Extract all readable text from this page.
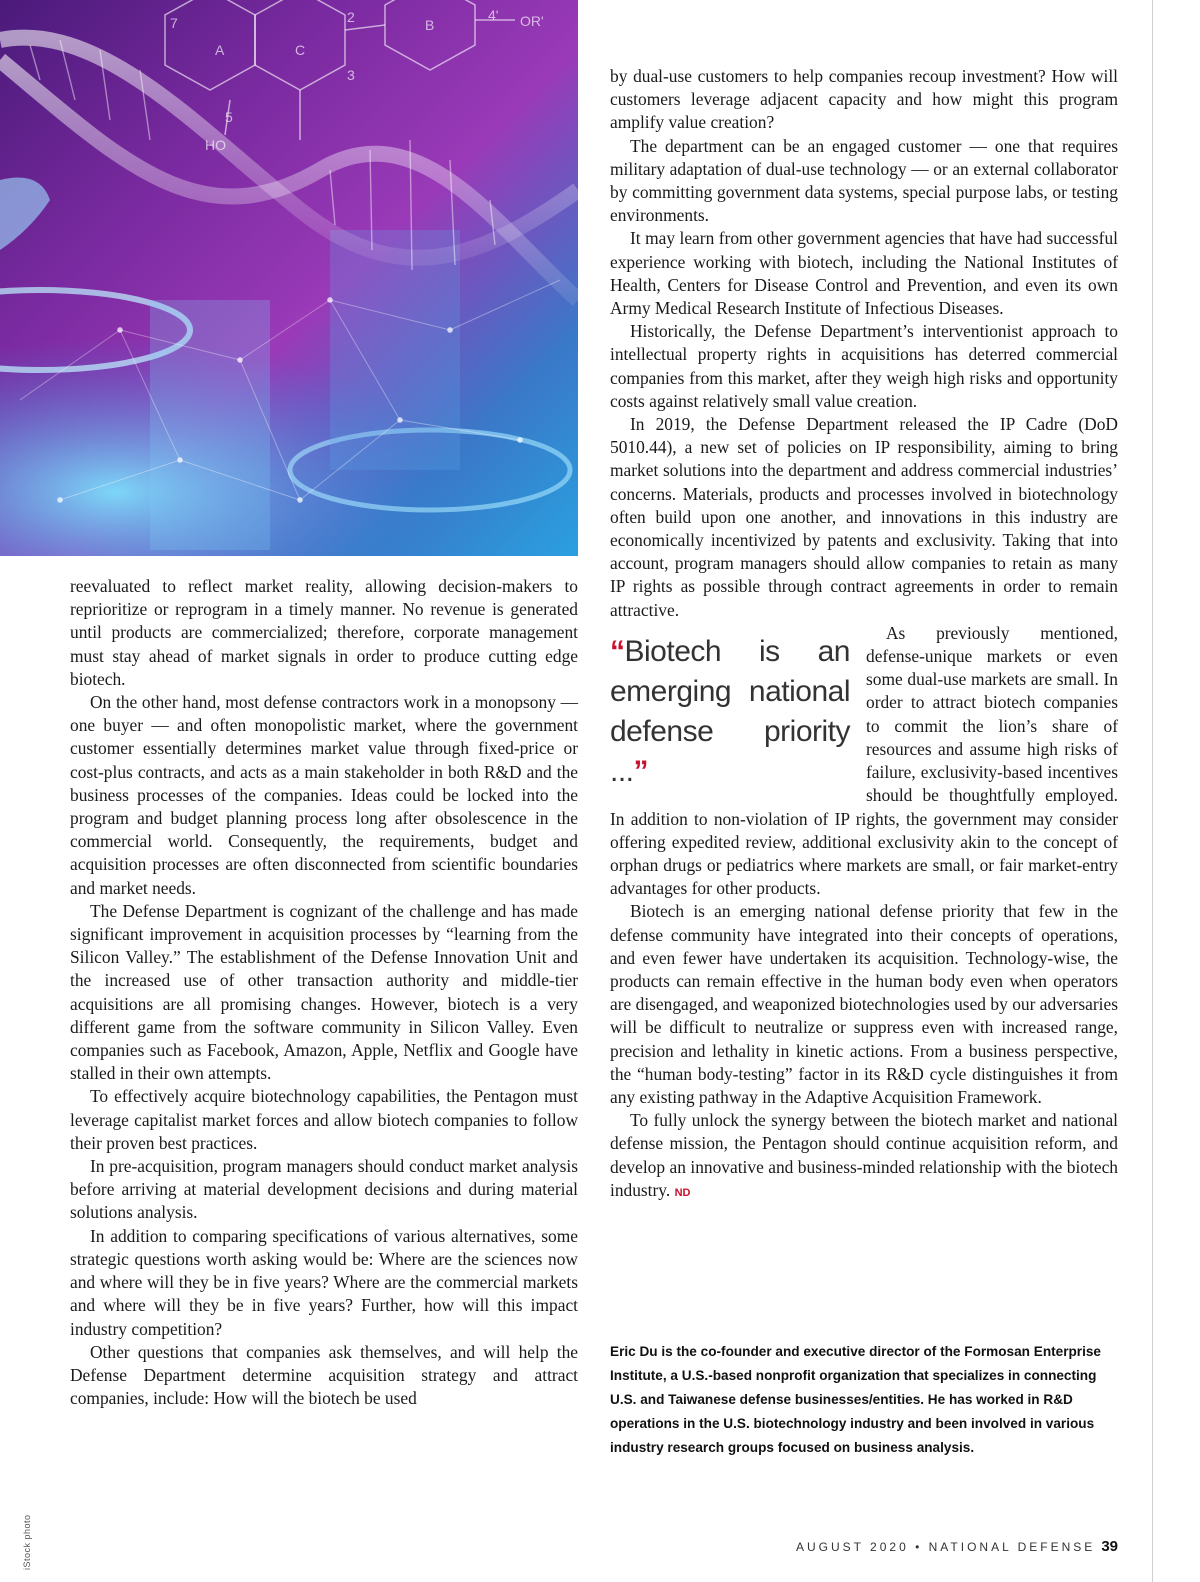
A	C
B
2
3
4'
7
5
HO
OR'
iStock photo

reevaluated to reflect market reality, allowing decision-makers to reprioritize or reprogram in a timely manner. No revenue is generated until products are commercialized; therefore, corporate management must stay ahead of market signals in order to produce cutting edge biotech.

On the other hand, most defense contractors work in a monopsony — one buyer — and often monopolistic market, where the government customer essentially determines market value through fixed-price or cost-plus contracts, and acts as a main stakeholder in both R&D and the business processes of the companies. Ideas could be locked into the program and budget planning process long after obsolescence in the commercial world. Consequently, the requirements, budget and acquisition processes are often disconnected from scientific boundaries and market needs.

The Defense Department is cognizant of the challenge and has made significant improvement in acquisition processes by “learning from the Silicon Valley.” The establishment of the Defense Innovation Unit and the increased use of other transaction authority and middle-tier acquisitions are all promising changes. However, biotech is a very different game from the software community in Silicon Valley. Even companies such as Facebook, Amazon, Apple, Netflix and Google have stalled in their own attempts.

To effectively acquire biotechnology capabilities, the Pentagon must leverage capitalist market forces and allow biotech companies to follow their proven best practices.

In pre-acquisition, program managers should conduct market analysis before arriving at material development decisions and during material solutions analysis.

In addition to comparing specifications of various alternatives, some strategic questions worth asking would be: Where are the sciences now and where will they be in five years? Where are the commercial markets and where will they be in five years? Further, how will this impact industry competition?

Other questions that companies ask themselves, and will help the Defense Department determine acquisition strategy and attract companies, include: How will the biotech be used

by dual-use customers to help companies recoup investment? How will customers leverage adjacent capacity and how might this program amplify value creation?

The department can be an engaged customer — one that requires military adaptation of dual-use technology — or an external collaborator by committing government data systems, special purpose labs, or testing environments.

It may learn from other government agencies that have had successful experience working with biotech, including the National Institutes of Health, Centers for Disease Control and Prevention, and even its own Army Medical Research Institute of Infectious Diseases.

Historically, the Defense Department’s interventionist approach to intellectual property rights in acquisitions has deterred commercial companies from this market, after they weigh high risks and opportunity costs against relatively small value creation.

In 2019, the Defense Department released the IP Cadre (DoD 5010.44), a new set of policies on IP responsibility, aiming to bring market solutions into the department and address commercial industries’ concerns. Materials, products and processes involved in biotechnology often build upon one another, and innovations in this industry are economically incentivized by patents and exclusivity. Taking that into account, program managers should allow companies to retain as many IP rights as possible through contract agreements in order to remain attractive.

“Biotech is an emerging national defense priority ...”

As previously mentioned, defense-unique markets or even some dual-use markets are small. In order to attract biotech companies to commit the lion’s share of resources and assume high risks of failure, exclusivity-based incentives should be thoughtfully employed. In addition to non-violation of IP rights, the government may consider offering expedited review, additional exclusivity akin to the concept of orphan drugs or pediatrics where markets are small, or fair market-entry advantages for other products.

Biotech is an emerging national defense priority that few in the defense community have integrated into their concepts of operations, and even fewer have undertaken its acquisition. Technology-wise, the products can remain effective in the human body even when operators are disengaged, and weaponized biotechnologies used by our adversaries will be difficult to neutralize or suppress even with increased range, precision and lethality in kinetic actions. From a business perspective, the “human body-testing” factor in its R&D cycle distinguishes it from any existing pathway in the Adaptive Acquisition Framework.

To fully unlock the synergy between the biotech market and national defense mission, the Pentagon should continue acquisition reform, and develop an innovative and business-minded relationship with the biotech industry. ND

Eric Du is the co-founder and executive director of the Formosan Enterprise Institute, a U.S.-based nonprofit organization that specializes in connecting U.S. and Taiwanese defense businesses/entities. He has worked in R&D operations in the U.S. biotechnology industry and been involved in various industry research groups focused on business analysis.
AUGUST 2020 • NATIONAL DEFENSE 39
